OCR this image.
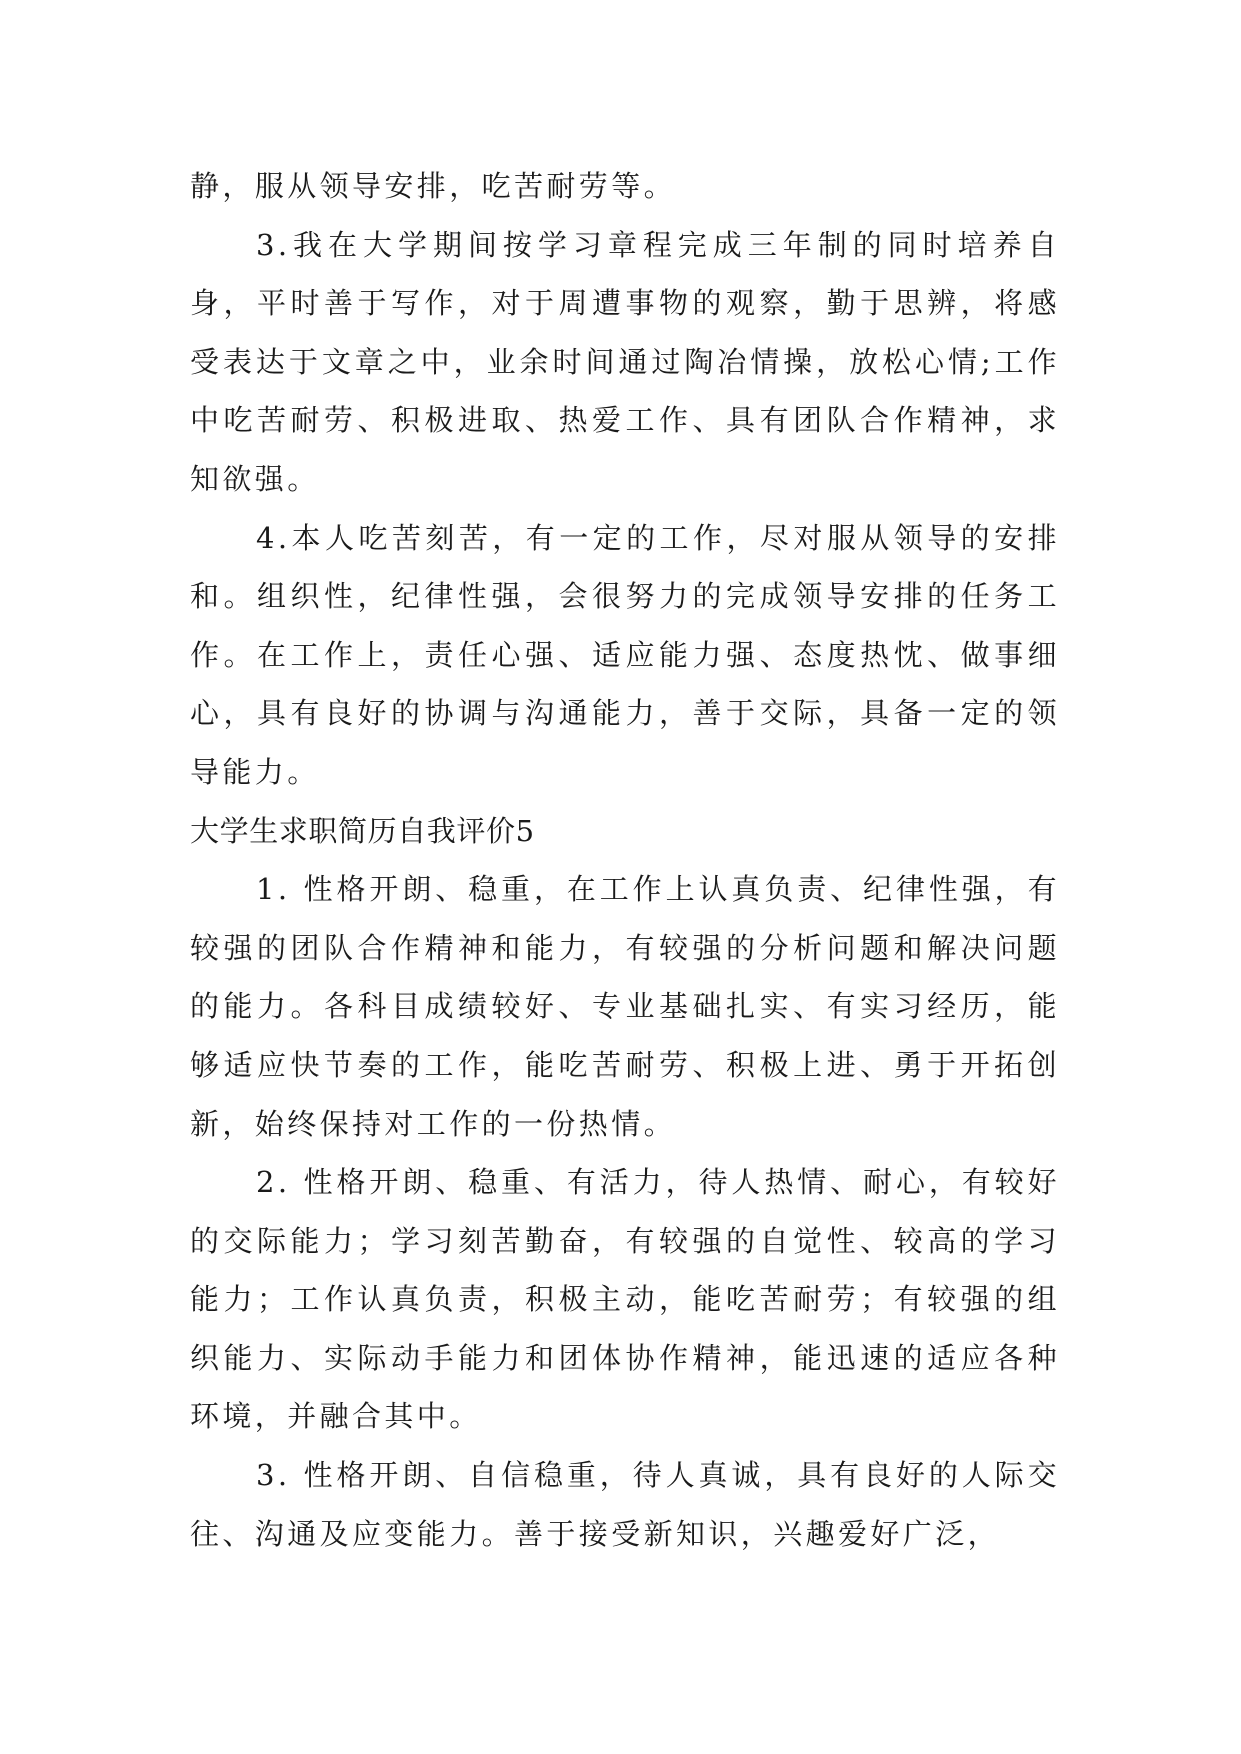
静，服从领导安排，吃苦耐劳等。

3.我在大学期间按学习章程完成三年制的同时培养自身，平时善于写作，对于周遭事物的观察，勤于思辨，将感受表达于文章之中，业余时间通过陶冶情操，放松心情;工作中吃苦耐劳、积极进取、热爱工作、具有团队合作精神，求知欲强。

4.本人吃苦刻苦，有一定的工作，尽对服从领导的安排和。组织性，纪律性强，会很努力的完成领导安排的任务工作。在工作上，责任心强、适应能力强、态度热忱、做事细心，具有良好的协调与沟通能力，善于交际，具备一定的领导能力。

大学生求职简历自我评价5

1. 性格开朗、稳重，在工作上认真负责、纪律性强，有较强的团队合作精神和能力，有较强的分析问题和解决问题的能力。各科目成绩较好、专业基础扎实、有实习经历，能够适应快节奏的工作，能吃苦耐劳、积极上进、勇于开拓创新，始终保持对工作的一份热情。

2. 性格开朗、稳重、有活力，待人热情、耐心，有较好的交际能力；学习刻苦勤奋，有较强的自觉性、较高的学习能力；工作认真负责，积极主动，能吃苦耐劳；有较强的组织能力、实际动手能力和团体协作精神，能迅速的适应各种环境，并融合其中。

3. 性格开朗、自信稳重，待人真诚，具有良好的人际交往、沟通及应变能力。善于接受新知识，兴趣爱好广泛，
